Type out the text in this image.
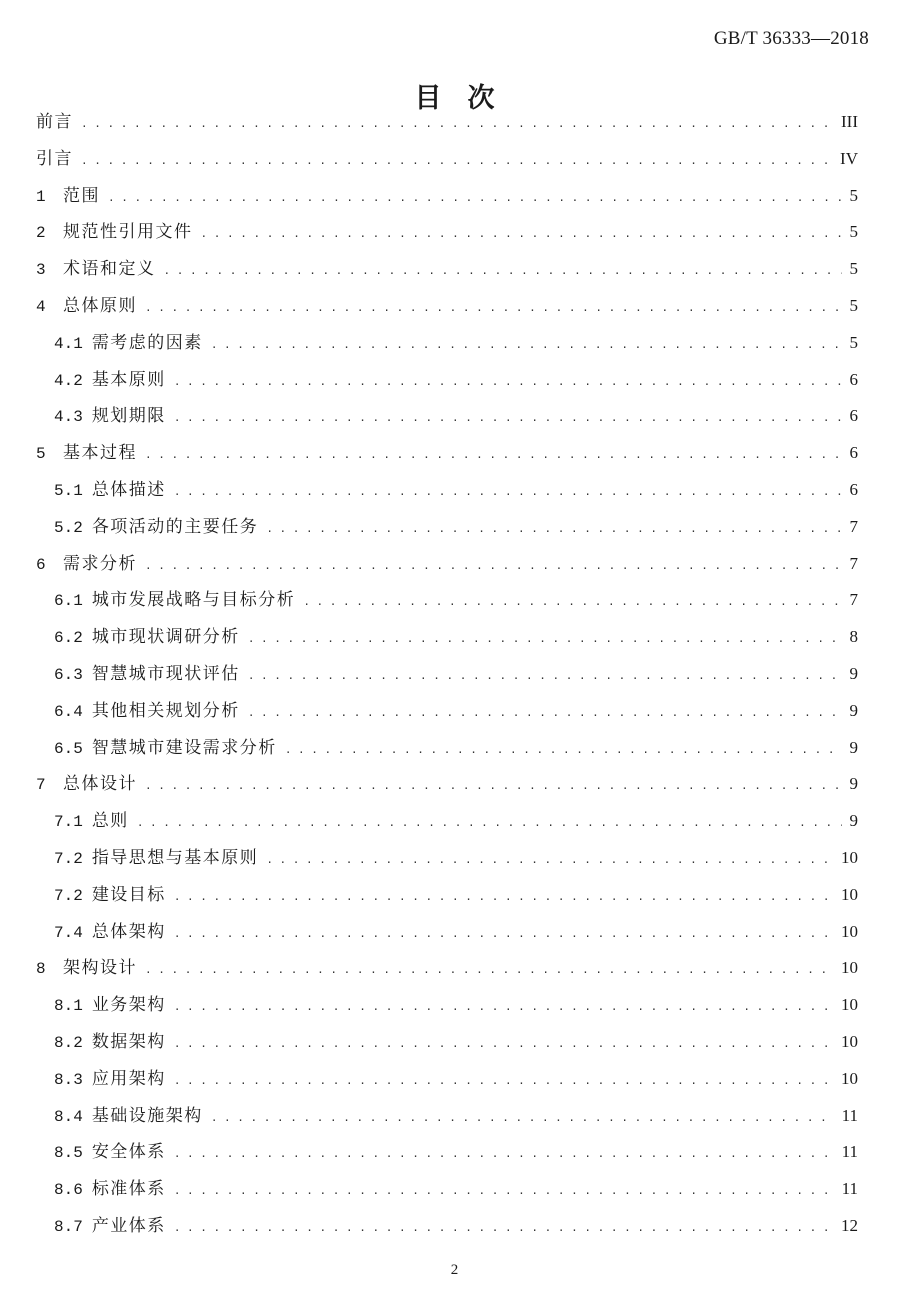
GB/T 36333—2018
目次
前言 . . .	III
引言 . . .	IV
1	范围 . . .	5
2	规范性引用文件 . . .	5
3	术语和定义 . . .	5
4	总体原则 . . .	5
4.1 需考虑的因素 . . .	5
4.2 基本原则 . . .	6
4.3 规划期限 . . .	6
5	基本过程 . . .	6
5.1 总体描述 . . .	6
5.2 各项活动的主要任务 . . .	7
6	需求分析 . . .	7
6.1 城市发展战略与目标分析 . . .	7
6.2 城市现状调研分析 . . .	8
6.3 智慧城市现状评估 . . .	9
6.4 其他相关规划分析 . . .	9
6.5 智慧城市建设需求分析 . . .	9
7	总体设计 . . .	9
7.1 总则 . . .	9
7.2 指导思想与基本原则 . . .	10
7.2 建设目标 . . .	10
7.4 总体架构 . . .	10
8	架构设计 . . .	10
8.1 业务架构 . . .	10
8.2 数据架构 . . .	10
8.3 应用架构 . . .	10
8.4 基础设施架构 . . .	11
8.5 安全体系 . . .	11
8.6 标准体系 . . .	11
8.7 产业体系 . . .	12
2
